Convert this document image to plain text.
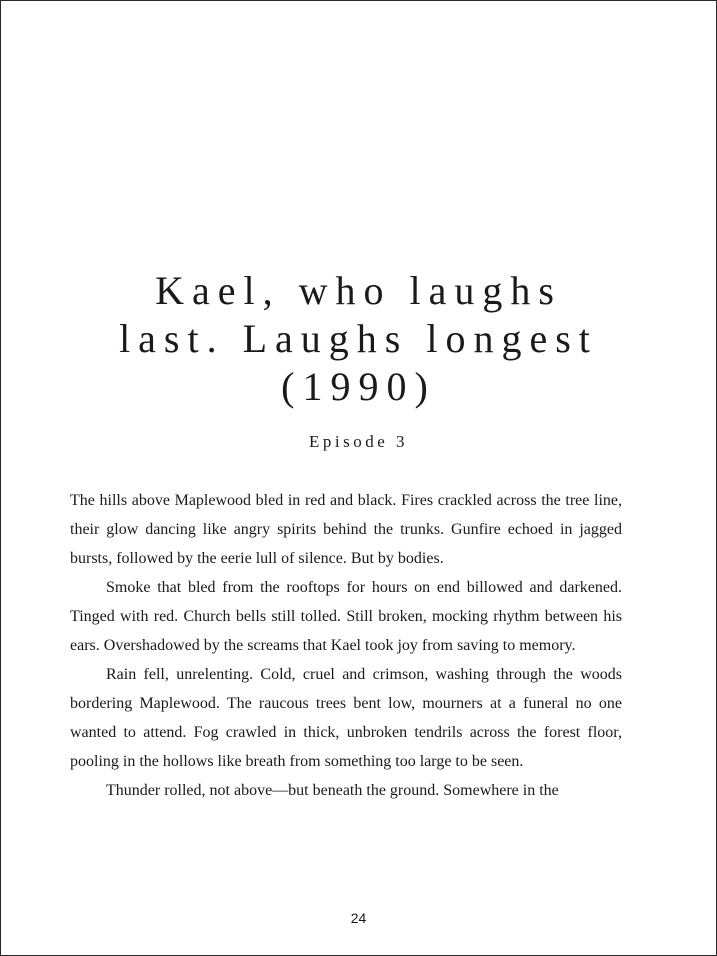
Kael, who laughs
last. Laughs longest
(1990)
Episode 3

The hills above Maplewood bled in red and black. Fires crackled across the tree line, their glow dancing like angry spirits behind the trunks. Gunfire echoed in jagged bursts, followed by the eerie lull of silence. But by bodies.

Smoke that bled from the rooftops for hours on end billowed and darkened. Tinged with red. Church bells still tolled. Still broken, mocking rhythm between his ears. Overshadowed by the screams that Kael took joy from saving to memory.

Rain fell, unrelenting. Cold, cruel and crimson, washing through the woods bordering Maplewood. The raucous trees bent low, mourners at a funeral no one wanted to attend. Fog crawled in thick, unbroken tendrils across the forest floor, pooling in the hollows like breath from something too large to be seen.

Thunder rolled, not above—but beneath the ground. Somewhere in the

24
